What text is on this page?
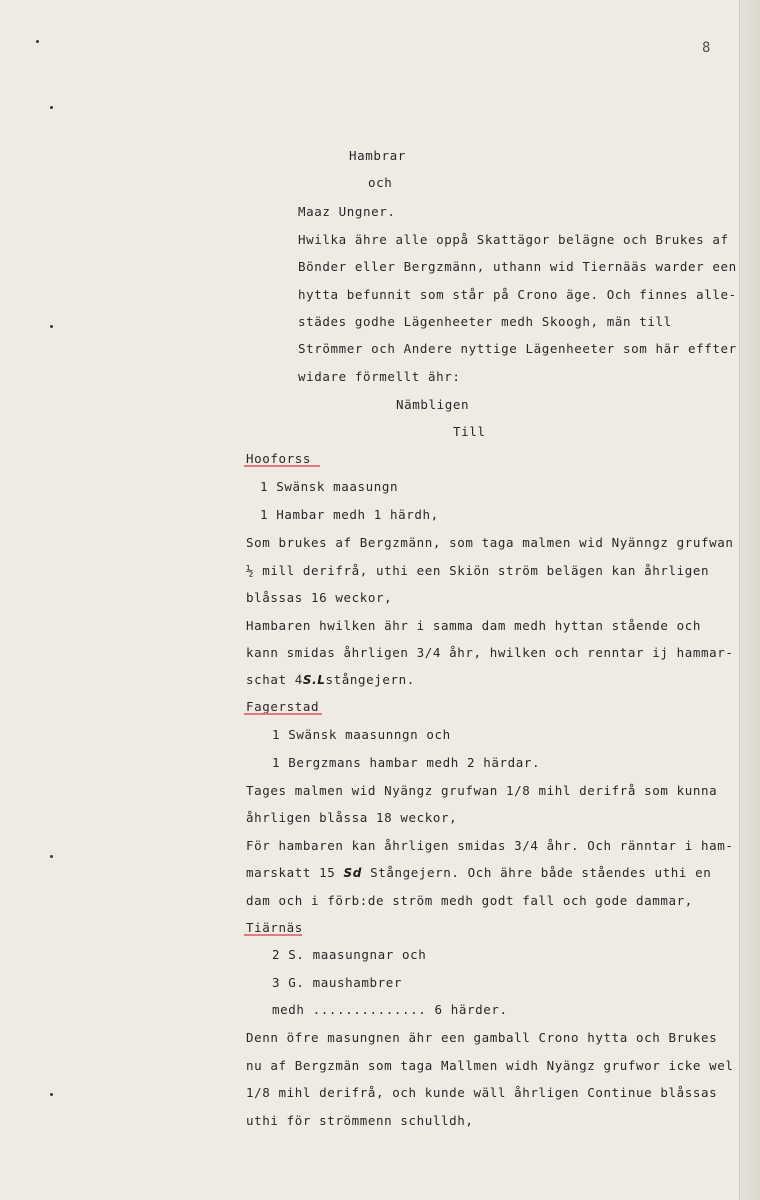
8
Hambrar
och
Maaz Ungner.
Hwilka ähre alle oppå Skattägor belägne och Brukes af
Bönder eller Bergzmänn, uthann wid Tiernääs warder een
hytta befunnit som står på Crono äge. Och finnes alle-
städes godhe Lägenheeter medh Skoogh, män till
Strömmer och Andere nyttige Lägenheeter som här effter
widare förmellt ähr:
Nämbligen
Till
Hooforss
1 Swänsk maasungn
1 Hambar medh 1 härdh,
Som brukes af Bergzmänn, som taga malmen wid Nyänngz grufwan
½ mill derifrå, uthi een Skiön ström belägen kan åhrligen
blåssas 16 weckor,
Hambaren hwilken ähr i samma dam medh hyttan stående och
kann smidas åhrligen 3/4 åhr, hwilken och renntar ij hammar-
schat 4S.Lstångejern.
Fagerstad
1 Swänsk maasunngn och
1 Bergzmans hambar medh 2 härdar.
Tages malmen wid Nyängz grufwan 1/8 mihl derifrå som kunna
åhrligen blåssa 18 weckor,
För hambaren kan åhrligen smidas 3/4 åhr. Och ränntar i ham-
marskatt 15 Sd Stångejern. Och ähre både ståendes uthi en
dam och i förb:de ström medh godt fall och gode dammar,
Tiärnäs
2 S. maasungnar och
3 G. maushambrer
medh .............. 6 härder.
Denn öfre masungnen ähr een gamball Crono hytta och Brukes
nu af Bergzmän som taga Mallmen widh Nyängz grufwor icke wel
1/8 mihl derifrå, och kunde wäll åhrligen Continue blåssas
uthi för strömmenn schulldh,
